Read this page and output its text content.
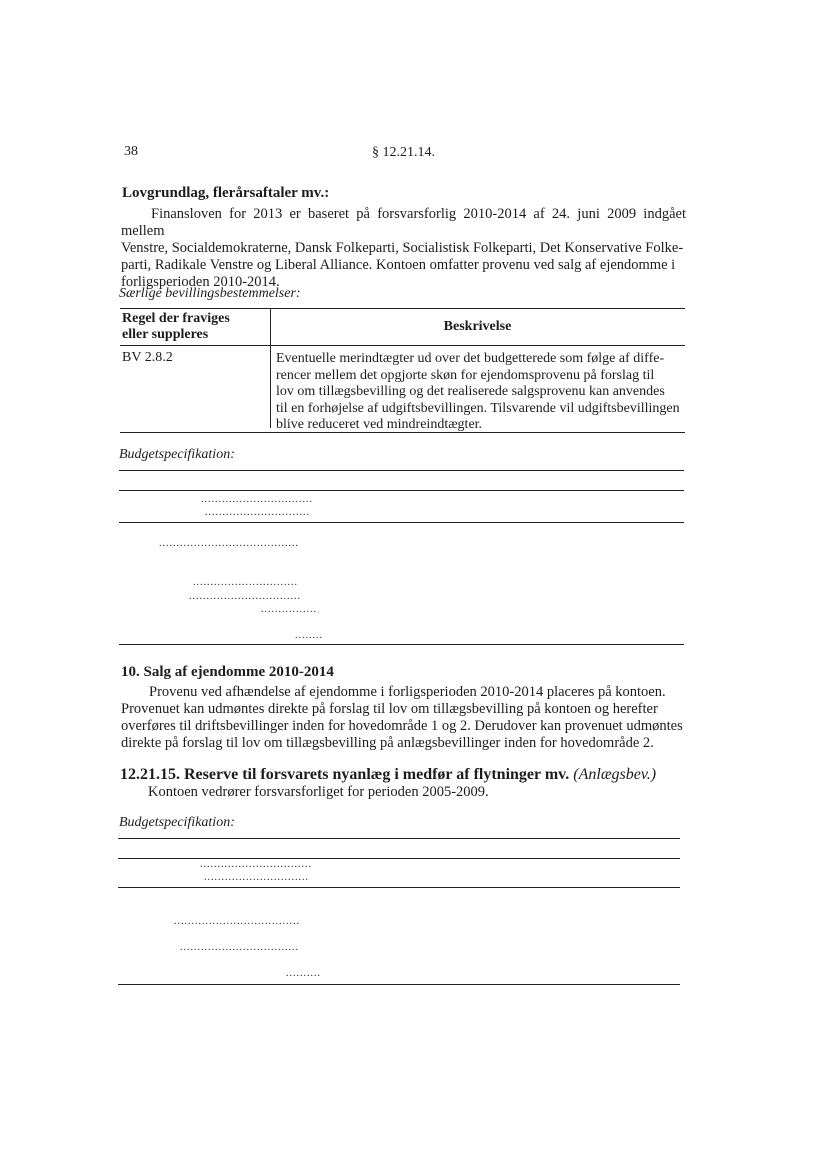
38	§ 12.21.14.
Lovgrundlag, flerårsaftaler mv.:
Finansloven for 2013 er baseret på forsvarsforlig 2010-2014 af 24. juni 2009 indgået mellem
Venstre, Socialdemokraterne, Dansk Folkeparti, Socialistisk Folkeparti, Det Konservative Folke-
parti, Radikale Venstre og Liberal Alliance. Kontoen omfatter provenu ved salg af ejendomme i
forligsperioden 2010-2014.
Særlige bevillingsbestemmelser:
Regel der fraviges
eller suppleres
Beskrivelse
BV 2.8.2	Eventuelle merindtægter ud over det budgetterede som følge af diffe-
rencer mellem det opgjorte skøn for ejendomsprovenu på forslag til
lov om tillægsbevilling og det realiserede salgsprovenu kan anvendes
til en forhøjelse af udgiftsbevillingen. Tilsvarende vil udgiftsbevillingen
blive reduceret ved mindreindtægter.
Budgetspecifikation:
................................
..............................
........................................
..............................
................................
................
........
10. Salg af ejendomme 2010-2014
Provenu ved afhændelse af ejendomme i forligsperioden 2010-2014 placeres på kontoen.
Provenuet kan udmøntes direkte på forslag til lov om tillægsbevilling på kontoen og herefter
overføres til driftsbevillinger inden for hovedområde 1 og 2. Derudover kan provenuet udmøntes
direkte på forslag til lov om tillægsbevilling på anlægsbevillinger inden for hovedområde 2.
12.21.15. Reserve til forsvarets nyanlæg i medfør af flytninger mv. (Anlægsbev.)
Kontoen vedrører forsvarsforliget for perioden 2005-2009.
Budgetspecifikation:
................................
..............................
....................................
..................................
..........
